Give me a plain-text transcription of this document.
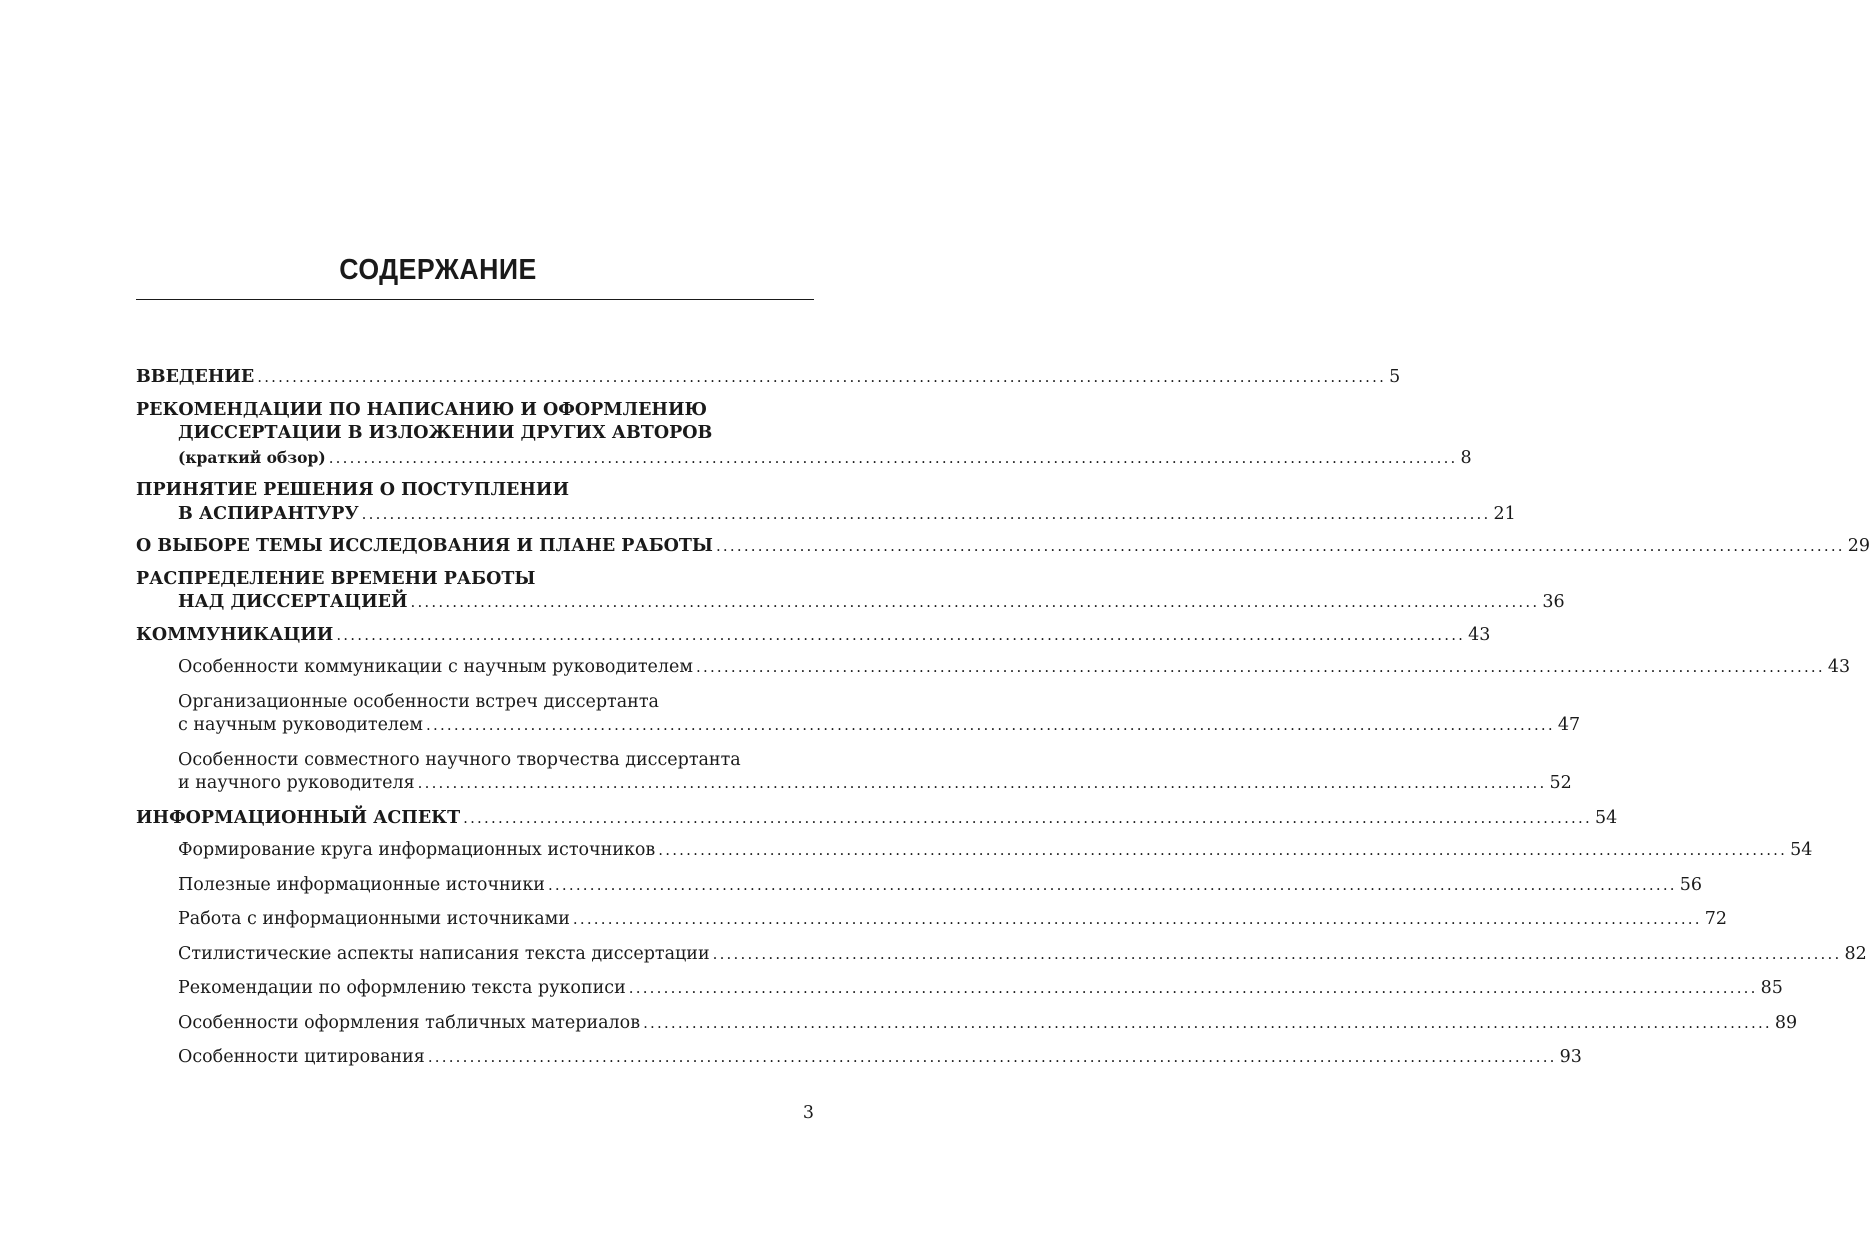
СОДЕРЖАНИЕ
ВВЕДЕНИЕ .................................................................................................................................................................. 5
РЕКОМЕНДАЦИИ ПО НАПИСАНИЮ И ОФОРМЛЕНИЮ
ДИССЕРТАЦИИ В ИЗЛОЖЕНИИ ДРУГИХ АВТОРОВ
(краткий обзор) .................................................................................................................................................................. 8
ПРИНЯТИЕ РЕШЕНИЯ О ПОСТУПЛЕНИИ
В АСПИРАНТУРУ .................................................................................................................................................................. 21
О ВЫБОРЕ ТЕМЫ ИССЛЕДОВАНИЯ И ПЛАНЕ РАБОТЫ .................................................................................................................................................................. 29
РАСПРЕДЕЛЕНИЕ ВРЕМЕНИ РАБОТЫ
НАД ДИССЕРТАЦИЕЙ .................................................................................................................................................................. 36
КОММУНИКАЦИИ .................................................................................................................................................................. 43
Особенности коммуникации с научным руководителем .................................................................................................................................................................. 43
Организационные особенности встреч диссертанта
с научным руководителем .................................................................................................................................................................. 47
Особенности совместного научного творчества диссертанта
и научного руководителя .................................................................................................................................................................. 52
ИНФОРМАЦИОННЫЙ АСПЕКТ .................................................................................................................................................................. 54
Формирование круга информационных источников .................................................................................................................................................................. 54
Полезные информационные источники .................................................................................................................................................................. 56
Работа с информационными источниками .................................................................................................................................................................. 72
Стилистические аспекты написания текста диссертации .................................................................................................................................................................. 82
Рекомендации по оформлению текста рукописи .................................................................................................................................................................. 85
Особенности оформления табличных материалов .................................................................................................................................................................. 89
Особенности цитирования .................................................................................................................................................................. 93
3
